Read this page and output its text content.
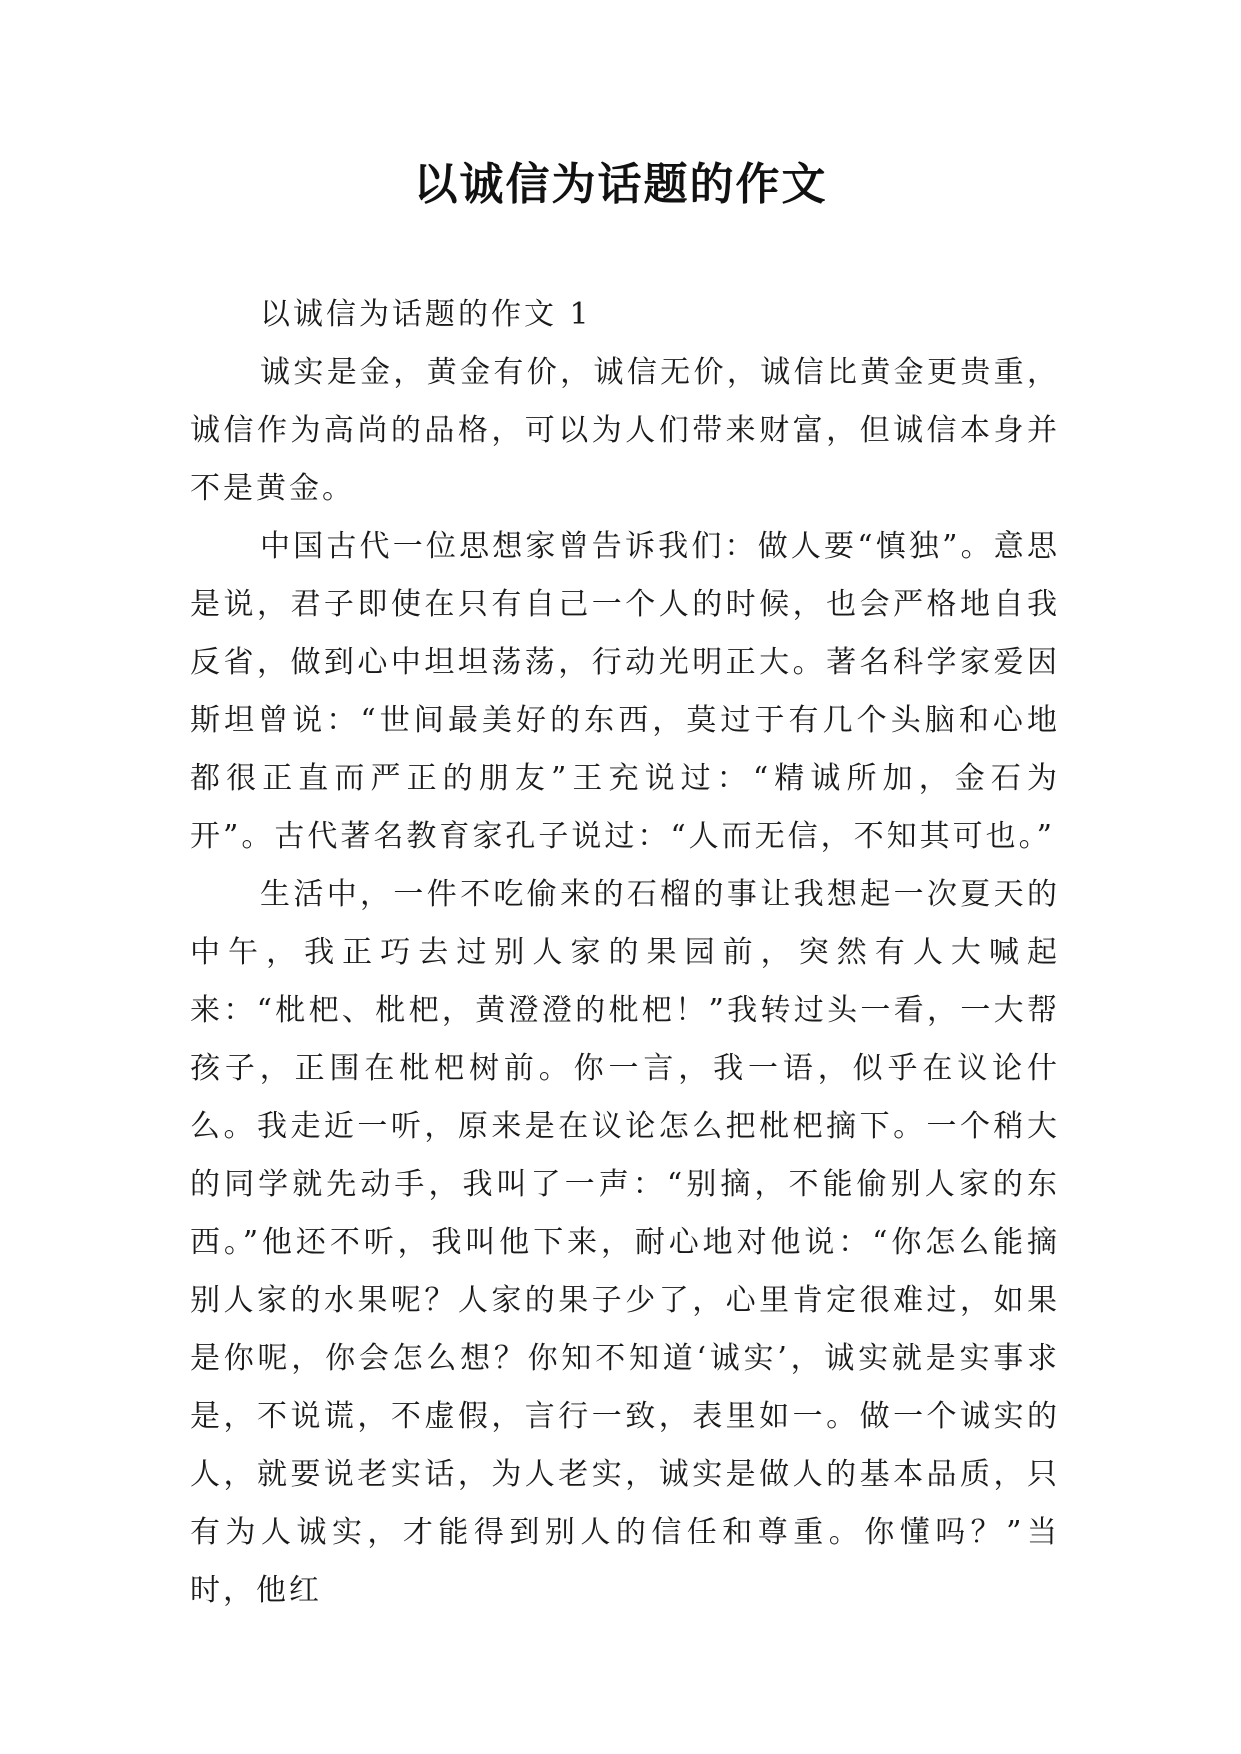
以诚信为话题的作文

以诚信为话题的作文 1

诚实是金，黄金有价，诚信无价，诚信比黄金更贵重，诚信作为高尚的品格，可以为人们带来财富，但诚信本身并不是黄金。

中国古代一位思想家曾告诉我们：做人要“慎独”。意思是说，君子即使在只有自己一个人的时候，也会严格地自我反省，做到心中坦坦荡荡，行动光明正大。著名科学家爱因斯坦曾说：“世间最美好的东西，莫过于有几个头脑和心地都很正直而严正的朋友”王充说过：“精诚所加，金石为开”。古代著名教育家孔子说过：“人而无信，不知其可也。”

生活中，一件不吃偷来的石榴的事让我想起一次夏天的中午，我正巧去过别人家的果园前，突然有人大喊起来：“枇杷、枇杷，黄澄澄的枇杷！”我转过头一看，一大帮孩子，正围在枇杷树前。你一言，我一语，似乎在议论什么。我走近一听，原来是在议论怎么把枇杷摘下。一个稍大的同学就先动手，我叫了一声：“别摘，不能偷别人家的东西。”他还不听，我叫他下来，耐心地对他说：“你怎么能摘别人家的水果呢？人家的果子少了，心里肯定很难过，如果是你呢，你会怎么想？你知不知道‘诚实’，诚实就是实事求是，不说谎，不虚假，言行一致，表里如一。做一个诚实的人，就要说老实话，为人老实，诚实是做人的基本品质，只有为人诚实，才能得到别人的信任和尊重。你懂吗？”当时，他红
